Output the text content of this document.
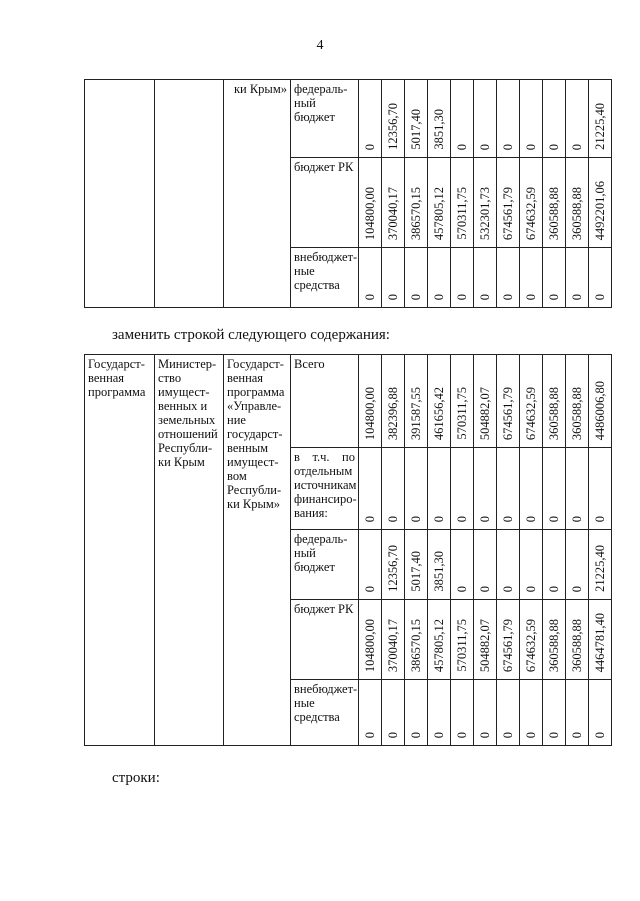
4
		ки Крым»	федераль-ный бюджет	0	12356,70	5017,40	3851,30	0	0	0	0	0	0	21225,40

			бюджет РК	104800,00	370040,17	386570,15	457805,12	570311,75	532301,73	674561,79	674632,59	360588,88	360588,88	4492201,06

			внебюджет-ные средства	0	0	0	0	0	0	0	0	0	0	0
заменить строкой следующего содержания:
Государст-венная программа	Министер-ство имущест-венных и земельных отношений Республи-ки Крым	Государст-венная программа «Управле-ние государст-венным имущест-вом Республи-ки Крым»	Всего	104800,00	382396,88	391587,55	461656,42	570311,75	504882,07	674561,79	674632,59	360588,88	360588,88	4486006,80

			в т.ч. по отдельным источникам финансиро-вания:	0	0	0	0	0	0	0	0	0	0	0

			федераль-ный бюджет	0	12356,70	5017,40	3851,30	0	0	0	0	0	0	21225,40

			бюджет РК	104800,00	370040,17	386570,15	457805,12	570311,75	504882,07	674561,79	674632,59	360588,88	360588,88	4464781,40

			внебюджет-ные средства	0	0	0	0	0	0	0	0	0	0	0
строки:
